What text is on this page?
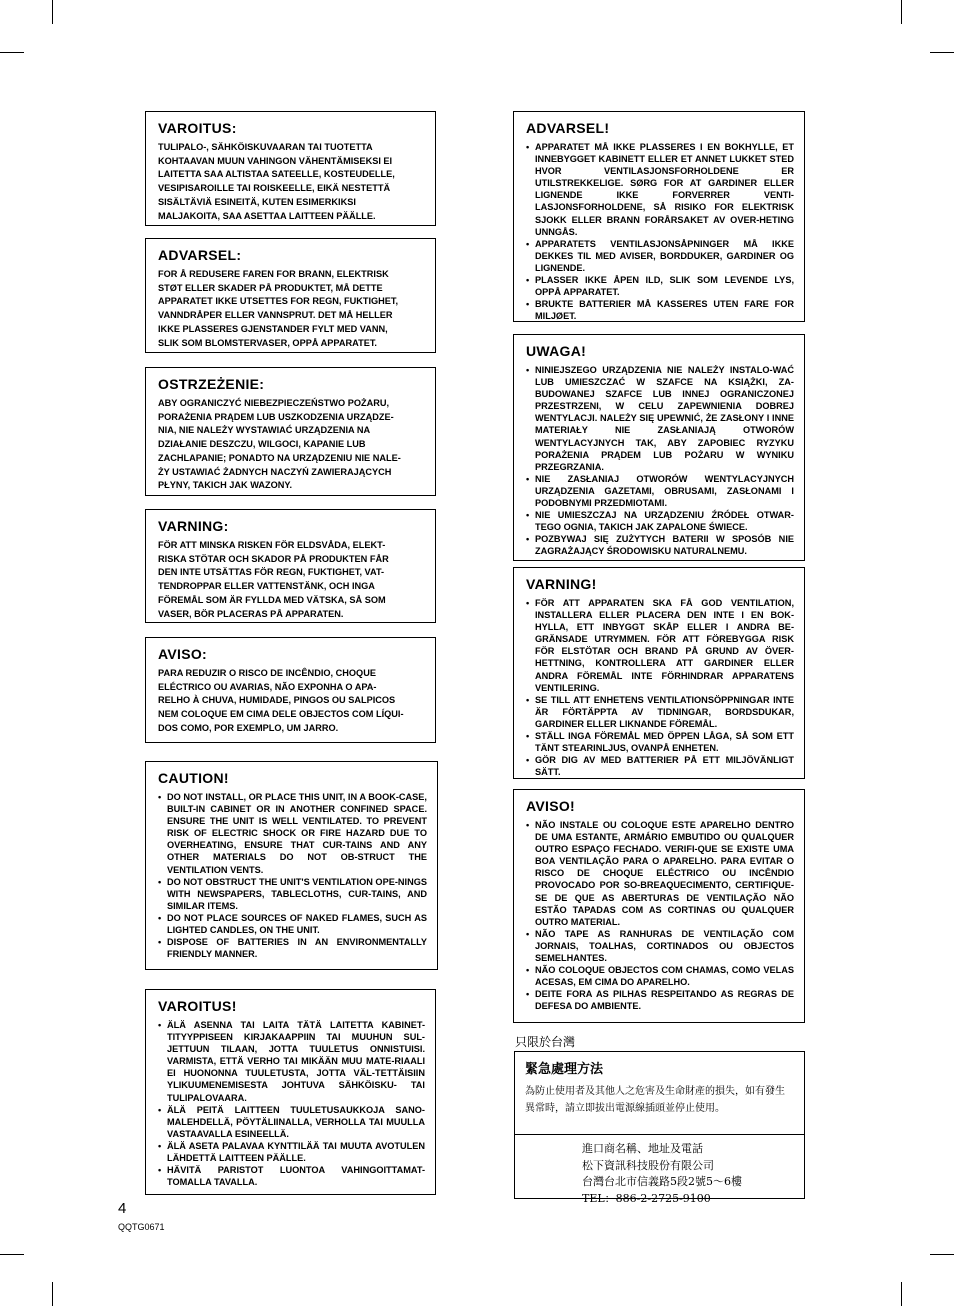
VAROITUS:

TULIPALO-, SÄHKÖISKUVAARAN TAI TUOTETTA
KOHTAAVAN MUUN VAHINGON VÄHENTÄMISEKSI EI
LAITETTA SAA ALTISTAA SATEELLE, KOSTEUDELLE,
VESIPISAROILLE TAI ROISKEELLE, EIKÄ NESTETTÄ
SISÄLTÄVIÄ ESINEITÄ, KUTEN ESIMERKIKSI
MALJAKOITA, SAA ASETTAA LAITTEEN PÄÄLLE.

ADVARSEL:

FOR Å REDUSERE FAREN FOR BRANN, ELEKTRISK
STØT ELLER SKADER PÅ PRODUKTET, MÅ DETTE
APPARATET IKKE UTSETTES FOR REGN, FUKTIGHET,
VANNDRÅPER ELLER VANNSPRUT. DET MÅ HELLER
IKKE PLASSERES GJENSTANDER FYLT MED VANN,
SLIK SOM BLOMSTERVASER, OPPÅ APPARATET.

OSTRZEŻENIE:

ABY OGRANICZYĆ NIEBEZPIECZEŃSTWO POŻARU,
PORAŻENIA PRĄDEM LUB USZKODZENIA URZĄDZE-
NIA, NIE NALEŻY WYSTAWIAĆ URZĄDZENIA NA
DZIAŁANIE DESZCZU, WILGOCI, KAPANIE LUB
ZACHLAPANIE; PONADTO NA URZĄDZENIU NIE NALE-
ŻY USTAWIAĆ ŻADNYCH NACZYŃ ZAWIERAJĄCYCH
PŁYNY, TAKICH JAK WAZONY.

VARNING:

FÖR ATT MINSKA RISKEN FÖR ELDSVÅDA, ELEKT-
RISKA STÖTAR OCH SKADOR PÅ PRODUKTEN FÅR
DEN INTE UTSÄTTAS FÖR REGN, FUKTIGHET, VAT-
TENDROPPAR ELLER VATTENSTÄNK, OCH INGA
FÖREMÅL SOM ÄR FYLLDA MED VÄTSKA, SÅ SOM
VASER, BÖR PLACERAS PÅ APPARATEN.

AVISO:

PARA REDUZIR O RISCO DE INCÊNDIO, CHOQUE
ELÉCTRICO OU AVARIAS, NÃO EXPONHA O APA-
RELHO À CHUVA, HUMIDADE, PINGOS OU SALPICOS
NEM COLOQUE EM CIMA DELE OBJECTOS COM LÍQUI-
DOS COMO, POR EXEMPLO, UM JARRO.

CAUTION!
• DO NOT INSTALL, OR PLACE THIS UNIT, IN A BOOK-CASE, BUILT-IN CABINET OR IN ANOTHER CONFINED SPACE. ENSURE THE UNIT IS WELL VENTILATED. TO PREVENT RISK OF ELECTRIC SHOCK OR FIRE HAZARD DUE TO OVERHEATING, ENSURE THAT CUR-TAINS AND ANY OTHER MATERIALS DO NOT OB-STRUCT THE VENTILATION VENTS.
• DO NOT OBSTRUCT THE UNIT'S VENTILATION OPE-NINGS WITH NEWSPAPERS, TABLECLOTHS, CUR-TAINS, AND SIMILAR ITEMS.
• DO NOT PLACE SOURCES OF NAKED FLAMES, SUCH AS LIGHTED CANDLES, ON THE UNIT.
• DISPOSE OF BATTERIES IN AN ENVIRONMENTALLY FRIENDLY MANNER.
VAROITUS!
• ÄLÄ ASENNA TAI LAITA TÄTÄ LAITETTA KABINET-TITYYPPISEEN KIRJAKAAPPIIN TAI MUUHUN SUL-JETTUUN TILAAN, JOTTA TUULETUS ONNISTUISI. VARMISTA, ETTÄ VERHO TAI MIKÄÄN MUU MATE-RIAALI EI HUONONNA TUULETUSTA, JOTTA VÄL-TETTÄISIIN YLIKUUMENEMISESTA JOHTUVA SÄHKÖISKU- TAI TULIPALOVAARA.
• ÄLÄ PEITÄ LAITTEEN TUULETUSAUKKOJA SANO-MALEHDELLÄ, PÖYTÄLIINALLA, VERHOLLA TAI MUULLA VASTAAVALLA ESINEELLÄ.
• ÄLÄ ASETA PALAVAA KYNTTILÄÄ TAI MUUTA AVOTULEN LÄHDETTÄ LAITTEEN PÄÄLLE.
• HÄVITÄ PARISTOT LUONTOA VAHINGOITTAMAT-TOMALLA TAVALLA.
ADVARSEL!
• APPARATET MÅ IKKE PLASSERES I EN BOKHYLLE, ET INNEBYGGET KABINETT ELLER ET ANNET LUKKET STED HVOR VENTILASJONSFORHOLDENE ER UTILSTREKKELIGE. SØRG FOR AT GARDINER ELLER LIGNENDE IKKE FORVERRER VENTI-LASJONSFORHOLDENE, SÅ RISIKO FOR ELEKTRISK SJOKK ELLER BRANN FORÅRSAKET AV OVER-HETING UNNGÅS.
• APPARATETS VENTILASJONSÅPNINGER MÅ IKKE DEKKES TIL MED AVISER, BORDDUKER, GARDINER OG LIGNENDE.
• PLASSER IKKE ÅPEN ILD, SLIK SOM LEVENDE LYS, OPPÅ APPARATET.
• BRUKTE BATTERIER MÅ KASSERES UTEN FARE FOR MILJØET.
UWAGA!
• NINIEJSZEGO URZĄDZENIA NIE NALEŻY INSTALO-WAĆ LUB UMIESZCZAĆ W SZAFCE NA KSIĄŻKI, ZA-BUDOWANEJ SZAFCE LUB INNEJ OGRANICZONEJ PRZESTRZENI, W CELU ZAPEWNIENIA DOBREJ WENTYLACJI. NALEŻY SIĘ UPEWNIĆ, ŻE ZASŁONY I INNE MATERIAŁY NIE ZASŁANIAJĄ OTWORÓW WENTYLACYJNYCH TAK, ABY ZAPOBIEC RYZYKU PORAŻENIA PRĄDEM LUB POŻARU W WYNIKU PRZEGRZANIA.
• NIE ZASŁANIAJ OTWORÓW WENTYLACYJNYCH URZĄDZENIA GAZETAMI, OBRUSAMI, ZASŁONAMI I PODOBNYMI PRZEDMIOTAMI.
• NIE UMIESZCZAJ NA URZĄDZENIU ŹRÓDEŁ OTWAR-TEGO OGNIA, TAKICH JAK ZAPALONE ŚWIECE.
• POZBYWAJ SIĘ ZUŻYTYCH BATERII W SPOSÓB NIE ZAGRAŻAJĄCY ŚRODOWISKU NATURALNEMU.
VARNING!
• FÖR ATT APPARATEN SKA FÅ GOD VENTILATION, INSTALLERA ELLER PLACERA DEN INTE I EN BOK-HYLLA, ETT INBYGGT SKÅP ELLER I ANDRA BE-GRÄNSADE UTRYMMEN. FÖR ATT FÖREBYGGA RISK FÖR ELSTÖTAR OCH BRAND PÅ GRUND AV ÖVER-HETTNING, KONTROLLERA ATT GARDINER ELLER ANDRA FÖREMÅL INTE FÖRHINDRAR APPARATENS VENTILERING.
• SE TILL ATT ENHETENS VENTILATIONSÖPPNINGAR INTE ÄR FÖRTÄPPTA AV TIDNINGAR, BORDSDUKAR, GARDINER ELLER LIKNANDE FÖREMÅL.
• STÄLL INGA FÖREMÅL MED ÖPPEN LÅGA, SÅ SOM ETT TÄNT STEARINLJUS, OVANPÅ ENHETEN.
• GÖR DIG AV MED BATTERIER PÅ ETT MILJÖVÄNLIGT SÄTT.
AVISO!
• NÃO INSTALE OU COLOQUE ESTE APARELHO DENTRO DE UMA ESTANTE, ARMÁRIO EMBUTIDO OU QUALQUER OUTRO ESPAÇO FECHADO. VERIFI-QUE SE EXISTE UMA BOA VENTILAÇÃO PARA O APARELHO. PARA EVITAR O RISCO DE CHOQUE ELÉCTRICO OU INCÊNDIO PROVOCADO POR SO-BREAQUECIMENTO, CERTIFIQUE-SE DE QUE AS ABERTURAS DE VENTILAÇÃO NÃO ESTÃO TAPADAS COM AS CORTINAS OU QUALQUER OUTRO MATERIAL.
• NÃO TAPE AS RANHURAS DE VENTILAÇÃO COM JORNAIS, TOALHAS, CORTINADOS OU OBJECTOS SEMELHANTES.
• NÃO COLOQUE OBJECTOS COM CHAMAS, COMO VELAS ACESAS, EM CIMA DO APARELHO.
• DEITE FORA AS PILHAS RESPEITANDO AS REGRAS DE DEFESA DO AMBIENTE.
只限於台灣
緊急處理方法

為防止使用者及其他人之危害及生命財產的損失，如有發生
異常時，請立即拔出電源線插頭並停止使用。

進口商名稱、地址及電話
松下資訊科技股份有限公司
台灣台北市信義路5段2號5～6樓
TEL：886-2-2725-9100
4
QQTG0671
